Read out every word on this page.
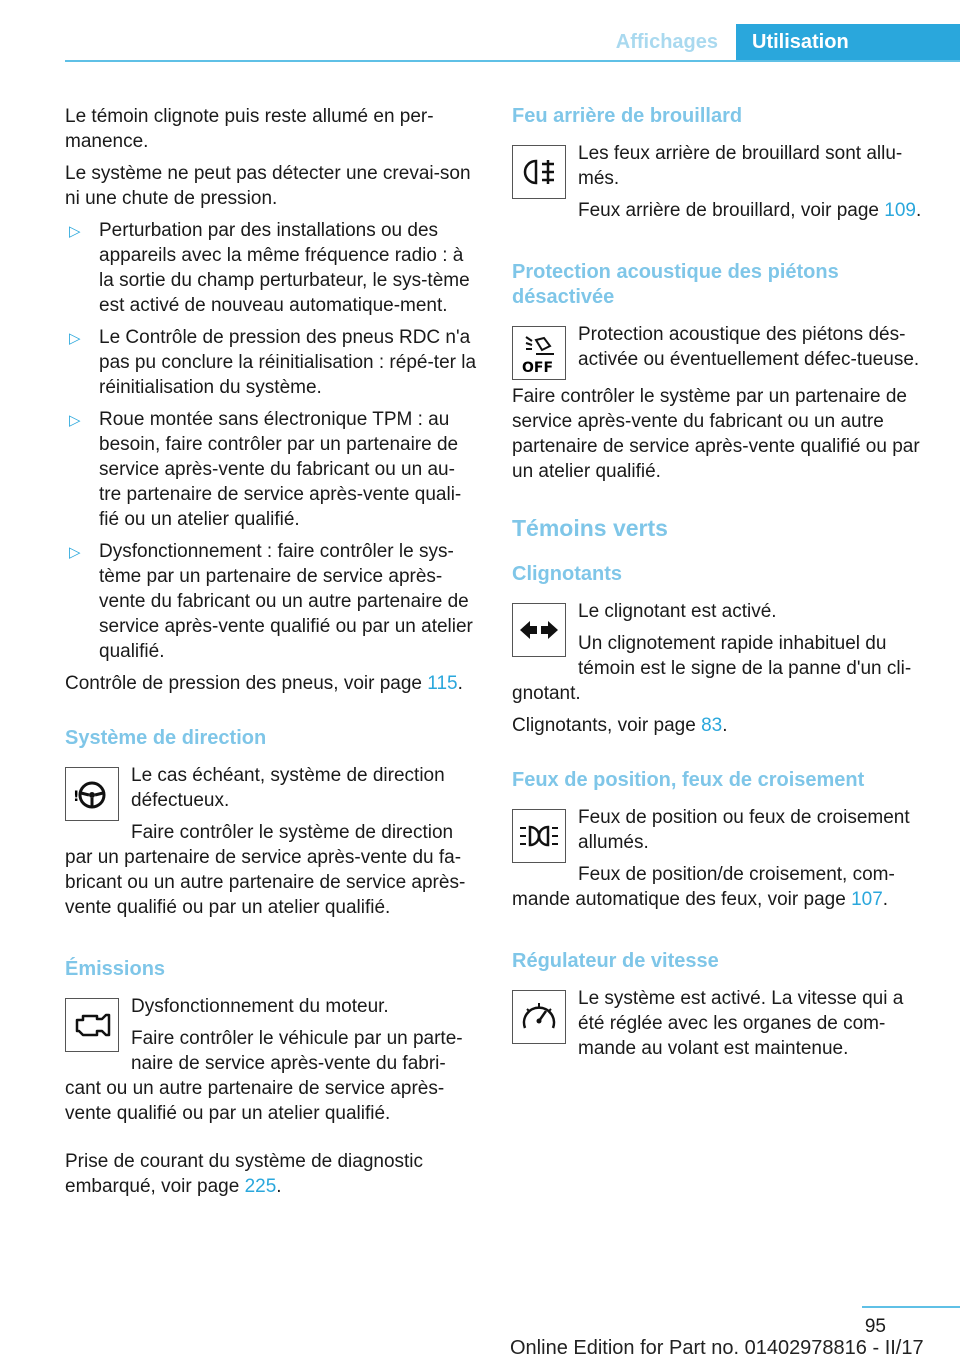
Affichages	Utilisation

Le témoin clignote puis reste allumé en per-manence.

Le système ne peut pas détecter une crevai-son ni une chute de pression.

▷ Perturbation par des installations ou des appareils avec la même fréquence radio : à la sortie du champ perturbateur, le sys-tème est activé de nouveau automatique-ment.
▷ Le Contrôle de pression des pneus RDC n'a pas pu conclure la réinitialisation : répé-ter la réinitialisation du système.
▷ Roue montée sans électronique TPM : au besoin, faire contrôler par un partenaire de service après-vente du fabricant ou un au-tre partenaire de service après-vente quali-fié ou un atelier qualifié.
▷ Dysfonctionnement : faire contrôler le sys-tème par un partenaire de service après-vente du fabricant ou un autre partenaire de service après-vente qualifié ou par un atelier qualifié.

Contrôle de pression des pneus, voir page 115.

Système de direction
!

Le cas échéant, système de direction défectueux.

Faire contrôler le système de direction par un partenaire de service après-vente du fa-bricant ou un autre partenaire de service après-vente qualifié ou par un atelier qualifié.

Émissions

Dysfonctionnement du moteur.

Faire contrôler le véhicule par un parte-naire de service après-vente du fabri-cant ou un autre partenaire de service après-vente qualifié ou par un atelier qualifié.

Prise de courant du système de diagnostic embarqué, voir page 225.

Feu arrière de brouillard

Les feux arrière de brouillard sont allu-més.

Feux arrière de brouillard, voir page 109.

Protection acoustique des piétons désactivée
OFF

Protection acoustique des piétons dés-activée ou éventuellement défec-tueuse.

Faire contrôler le système par un partenaire de service après-vente du fabricant ou un autre partenaire de service après-vente qualifié ou par un atelier qualifié.

Témoins verts
Clignotants

Le clignotant est activé.

Un clignotement rapide inhabituel du témoin est le signe de la panne d'un cli-gnotant.

Clignotants, voir page 83.

Feux de position, feux de croisement

Feux de position ou feux de croisement allumés.

Feux de position/de croisement, com-mande automatique des feux, voir page 107.

Régulateur de vitesse

Le système est activé. La vitesse qui a été réglée avec les organes de com-mande au volant est maintenue.

95
Online Edition for Part no. 01402978816 - II/17
